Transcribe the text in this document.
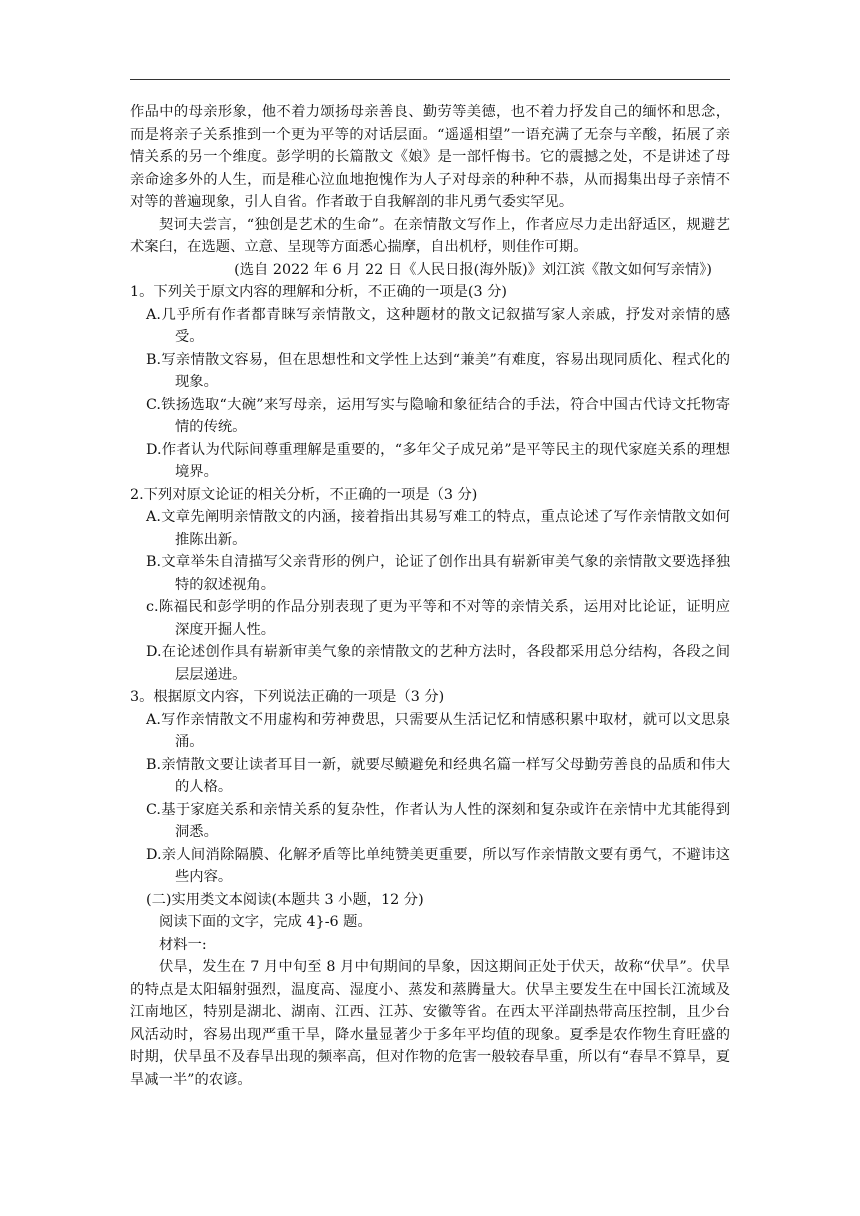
作品中的母亲形象，他不着力颂扬母亲善良、勤劳等美德，也不着力抒发自己的缅怀和思念，而是将亲子关系推到一个更为平等的对话层面。“遥遥相望”一语充满了无奈与辛酸，拓展了亲情关系的另一个维度。彭学明的长篇散文《娘》是一部忏悔书。它的震撼之处，不是讲述了母亲命途多外的人生，而是稚心泣血地抱愧作为人子对母亲的种种不恭，从而揭集出母子亲情不对等的普遍现象，引人自省。作者敢于自我解剖的非凡勇气委实罕见。

契诃夫尝言，“独创是艺术的生命”。在亲情散文写作上，作者应尽力走出舒适区，规避艺术案臼，在选题、立意、呈现等方面悉心揣摩，自出机杼，则佳作可期。

(选自 2022 年 6 月 22 日《人民日报(海外版)》刘江滨《散文如何写亲情》)

1。下列关于原文内容的理解和分析，不正确的一项是(3 分)

A.几乎所有作者都青睐写亲情散文，这种题材的散文记叙描写家人亲戚，抒发对亲情的感受。

B.写亲情散文容易，但在思想性和文学性上达到“兼美”有难度，容易出现同质化、程式化的现象。

C.铁扬选取“大碗”来写母亲，运用写实与隐喻和象征结合的手法，符合中国古代诗文托物寄情的传统。

D.作者认为代际间尊重理解是重要的，“多年父子成兄弟”是平等民主的现代家庭关系的理想境界。

2.下列对原文论证的相关分析，不正确的一项是（3 分)

A.文章先阐明亲情散文的内涵，接着指出其易写难工的特点，重点论述了写作亲情散文如何推陈出新。

B.文章举朱自清描写父亲背形的例户，论证了创作出具有崭新审美气象的亲情散文要选择独特的叙述视角。

c.陈福民和彭学明的作品分别表现了更为平等和不对等的亲情关系，运用对比论证，证明应深度开掘人性。

D.在论述创作具有崭新审美气象的亲情散文的艺种方法时，各段都采用总分结构，各段之间层层递进。

3。根据原文内容，下列说法正确的一项是（3 分)

A.写作亲情散文不用虚构和劳神费思，只需要从生活记忆和情感积累中取材，就可以文思泉涌。

B.亲情散文要让读者耳目一新，就要尽鲼避免和经典名篇一样写父母勤劳善良的品质和伟大的人格。

C.基于家庭关系和亲情关系的复杂性，作者认为人性的深刻和复杂或许在亲情中尤其能得到洞悉。

D.亲人间消除隔膜、化解矛盾等比单纯赞美更重要，所以写作亲情散文要有勇气，不避讳这些内容。

(二)实用类文本阅读(本题共 3 小题，12 分)

阅读下面的文字，完成 4}-6 题。

材料一:

伏旱，发生在 7 月中旬至 8 月中旬期间的旱象，因这期间正处于伏天，故称“伏旱”。伏旱的特点是太阳辐射强烈，温度高、湿度小、蒸发和蒸腾量大。伏旱主要发生在中国长江流域及江南地区，特别是湖北、湖南、江西、江苏、安徽等省。在西太平洋副热带高压控制，且少台风活动时，容易出现严重干旱，降水量显著少于多年平均值的现象。夏季是农作物生育旺盛的时期，伏旱虽不及春旱出现的频率高，但对作物的危害一般较春旱重，所以有“春旱不算旱，夏旱减一半”的农谚。
